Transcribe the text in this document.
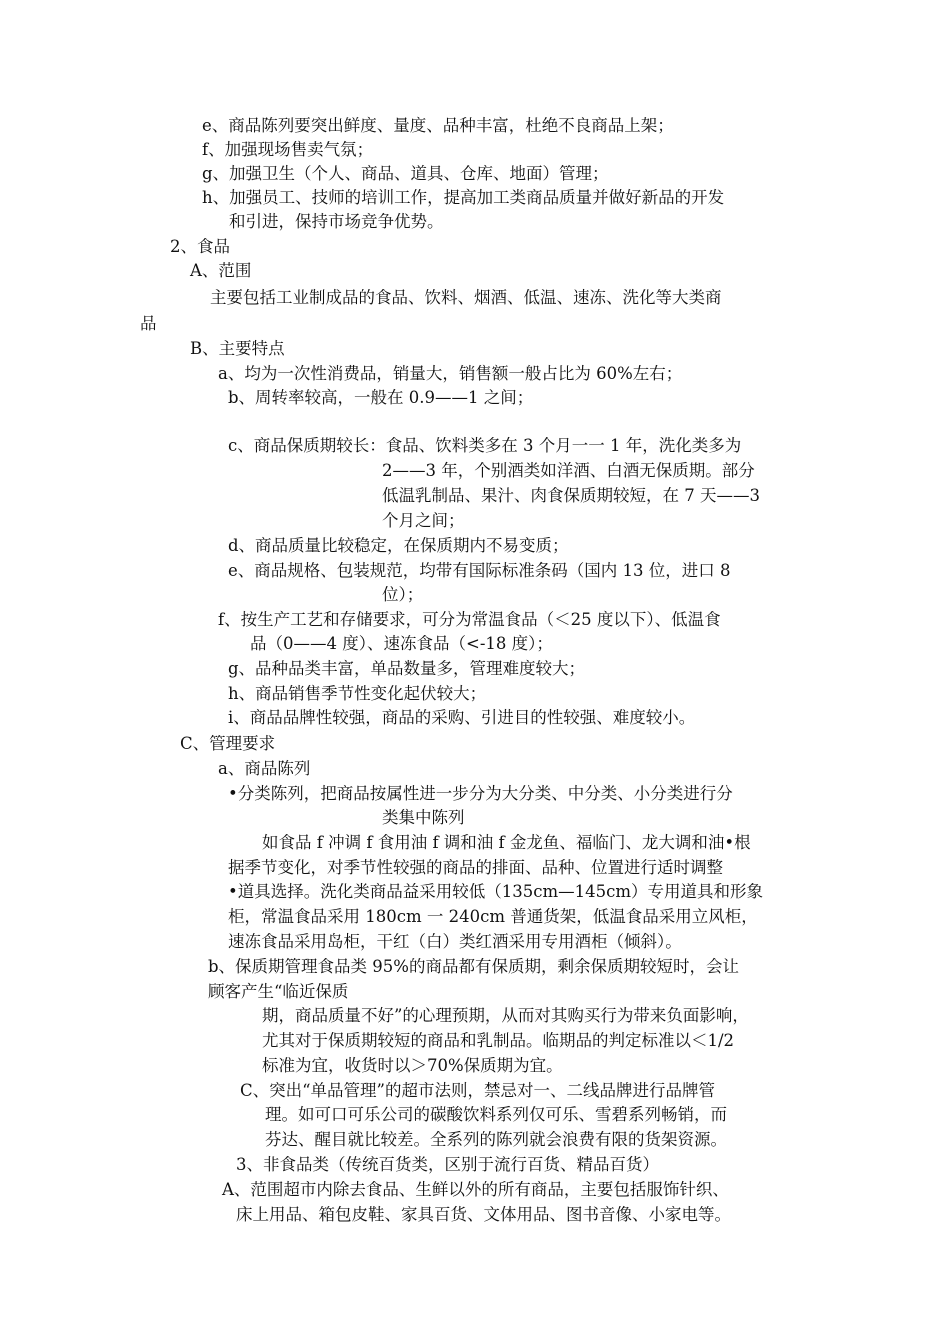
e、商品陈列要突出鲜度、量度、品种丰富，杜绝不良商品上架；

f、加强现场售卖气氛；

g、加强卫生（个人、商品、道具、仓库、地面）管理；

h、加强员工、技师的培训工作，提高加工类商品质量并做好新品的开发

和引进，保持市场竞争优势。

2、食品

A、范围

主要包括工业制成品的食品、饮料、烟酒、低温、速冻、洗化等大类商

品

B、主要特点

a、均为一次性消费品，销量大，销售额一般占比为 60%左右；

b、周转率较高，一般在 0.9——1 之间；

c、商品保质期较长：食品、饮料类多在 3 个月一一 1 年，洗化类多为

2——3 年，个别酒类如洋酒、白酒无保质期。部分

低温乳制品、果汁、肉食保质期较短，在 7 天——3

个月之间；

d、商品质量比较稳定，在保质期内不易变质；

e、商品规格、包装规范，均带有国际标准条码（国内 13 位，进口 8

位）；

f、按生产工艺和存储要求，可分为常温食品（＜25 度以下）、低温食

品（0——4 度）、速冻食品（<-18 度）；

g、品种品类丰富，单品数量多，管理难度较大；

h、商品销售季节性变化起伏较大；

i、商品品牌性较强，商品的采购、引进目的性较强、难度较小。

C、管理要求

a、商品陈列

•分类陈列，把商品按属性进一步分为大分类、中分类、小分类进行分

类集中陈列

如食品 f 冲调 f 食用油 f 调和油 f 金龙鱼、福临门、龙大调和油•根

据季节变化，对季节性较强的商品的排面、品种、位置进行适时调整

•道具选择。洗化类商品益采用较低（135cm—145cm）专用道具和形象

柜，常温食品采用 180cm 一 240cm 普通货架，低温食品采用立风柜，

速冻食品采用岛柜，干红（白）类红酒采用专用酒柜（倾斜）。

b、保质期管理食品类 95%的商品都有保质期，剩余保质期较短时，会让

顾客产生“临近保质

期，商品质量不好”的心理预期，从而对其购买行为带来负面影响，

尤其对于保质期较短的商品和乳制品。临期品的判定标准以＜1/2

标准为宜，收货时以＞70%保质期为宜。

C、突出“单品管理”的超市法则，禁忌对一、二线品牌进行品牌管

理。如可口可乐公司的碳酸饮料系列仅可乐、雪碧系列畅销，而

芬达、醒目就比较差。全系列的陈列就会浪费有限的货架资源。

3、非食品类（传统百货类，区别于流行百货、精品百货）

A、范围超市内除去食品、生鲜以外的所有商品，主要包括服饰针织、

床上用品、箱包皮鞋、家具百货、文体用品、图书音像、小家电等。
